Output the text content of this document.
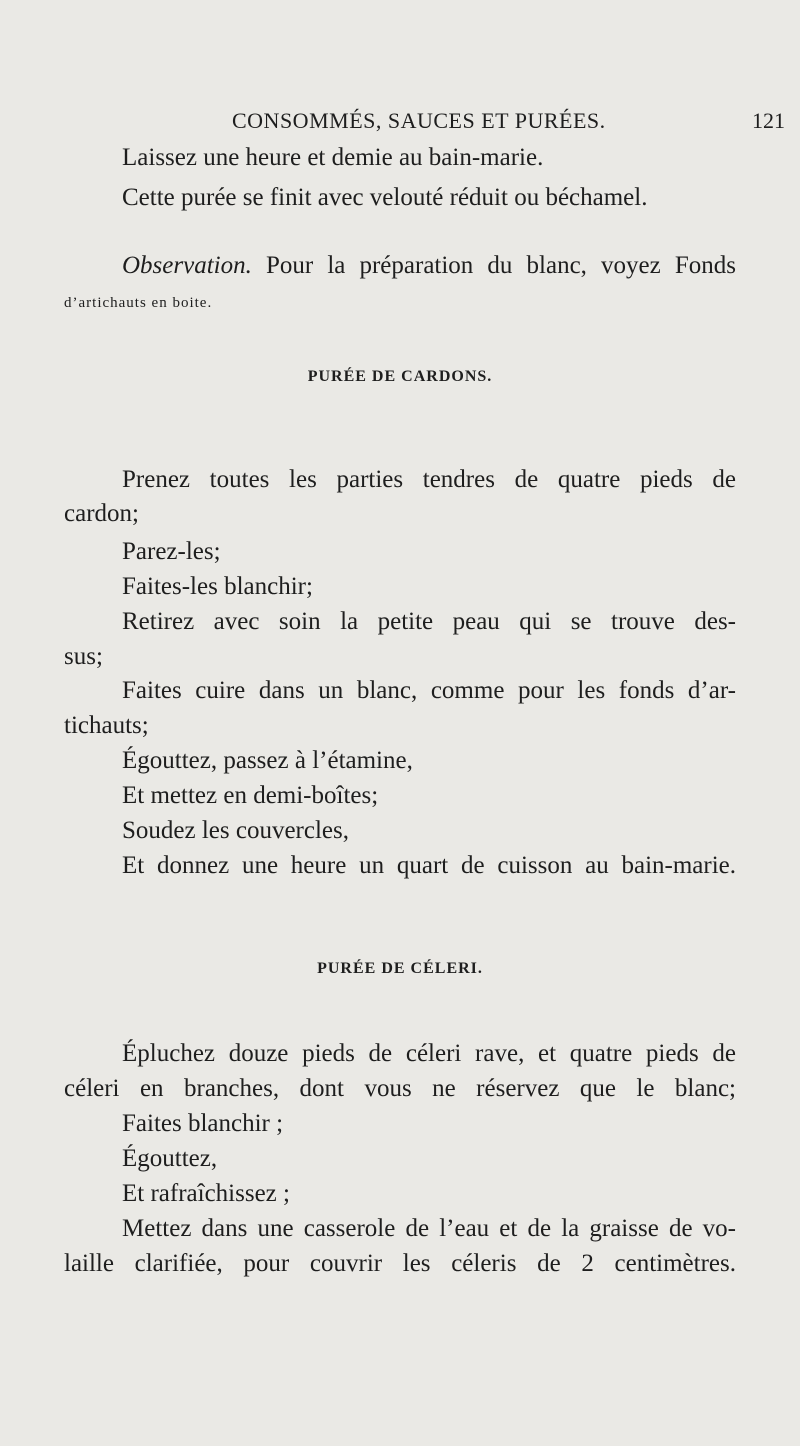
CONSOMMÉS, SAUCES ET PURÉES.	121
Laissez une heure et demie au bain-marie.
Cette purée se finit avec velouté réduit ou béchamel.
Observation. Pour la préparation du blanc, voyez Fonds
d’artichauts en boite.
PURÉE DE CARDONS.
Prenez toutes les parties tendres de quatre pieds de
cardon;
Parez-les;
Faites-les blanchir;
Retirez avec soin la petite peau qui se trouve des-
sus;
Faites cuire dans un blanc, comme pour les fonds d’ar-
tichauts;
Égouttez, passez à l’étamine,
Et mettez en demi-boîtes;
Soudez les couvercles,
Et donnez une heure un quart de cuisson au bain-marie.
PURÉE DE CÉLERI.
Épluchez douze pieds de céleri rave, et quatre pieds de
céleri en branches, dont vous ne réservez que le blanc;
Faites blanchir ;
Égouttez,
Et rafraîchissez ;
Mettez dans une casserole de l’eau et de la graisse de vo-
laille clarifiée, pour couvrir les céleris de 2 centimètres.
